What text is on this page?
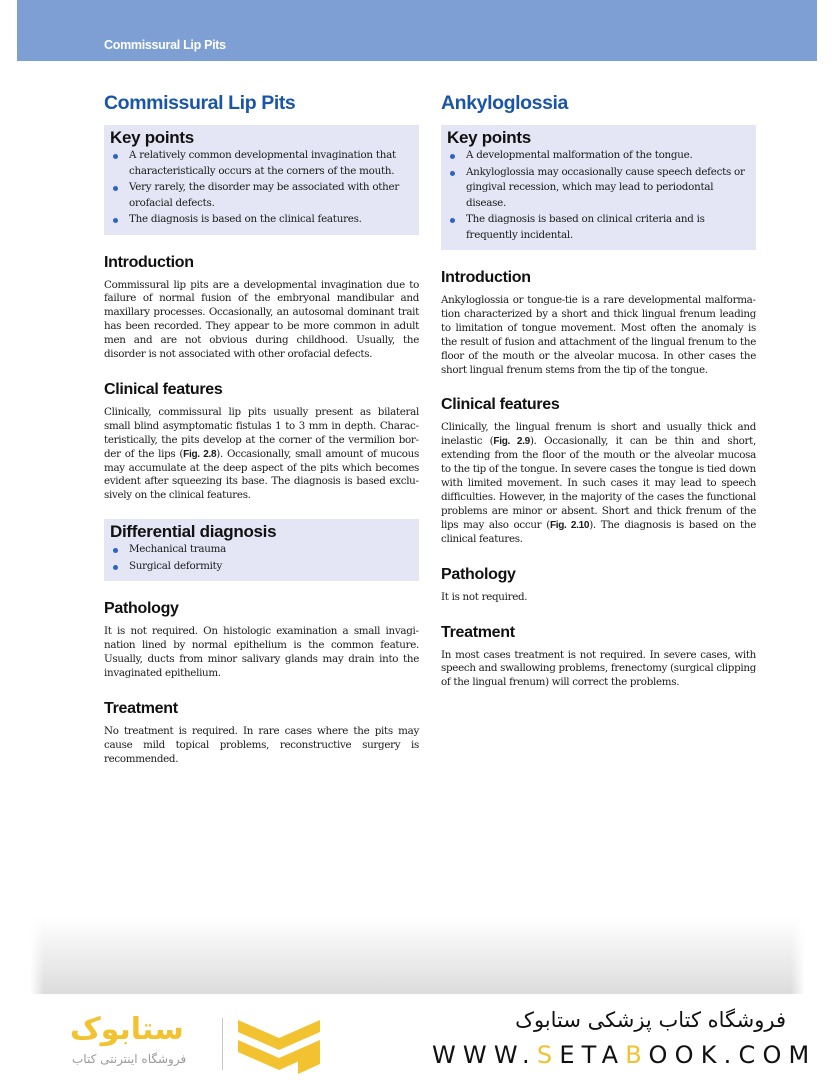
Commissural Lip Pits
Commissural Lip Pits
Key points
A relatively common developmental invagination that characteristically occurs at the corners of the mouth.
Very rarely, the disorder may be associated with other orofacial defects.
The diagnosis is based on the clinical features.
Introduction

Commissural lip pits are a developmental invagination due to failure of normal fusion of the embryonal mandibular and maxillary processes. Occasionally, an autosomal dominant trait has been recorded. They appear to be more common in adult men and are not obvious during childhood. Usually, the disorder is not associated with other orofacial defects.

Clinical features

Clinically, commissural lip pits usually present as bilateral small blind asymptomatic fistulas 1 to 3 mm in depth. Characteristically, the pits develop at the corner of the vermilion border of the lips (Fig. 2.8). Occasionally, small amount of mucous may accumulate at the deep aspect of the pits which becomes evident after squeezing its base. The diagnosis is based exclusively on the clinical features.

Differential diagnosis
Mechanical trauma
Surgical deformity
Pathology

It is not required. On histologic examination a small invagination lined by normal epithelium is the common feature. Usually, ducts from minor salivary glands may drain into the invaginated epithelium.

Treatment

No treatment is required. In rare cases where the pits may cause mild topical problems, reconstructive surgery is recommended.

Ankyloglossia
Key points
A developmental malformation of the tongue.
Ankyloglossia may occasionally cause speech defects or gingival recession, which may lead to periodontal disease.
The diagnosis is based on clinical criteria and is frequently incidental.
Introduction

Ankyloglossia or tongue-tie is a rare developmental malformation characterized by a short and thick lingual frenum leading to limitation of tongue movement. Most often the anomaly is the result of fusion and attachment of the lingual frenum to the floor of the mouth or the alveolar mucosa. In other cases the short lingual frenum stems from the tip of the tongue.

Clinical features

Clinically, the lingual frenum is short and usually thick and inelastic (Fig. 2.9). Occasionally, it can be thin and short, extending from the floor of the mouth or the alveolar mucosa to the tip of the tongue. In severe cases the tongue is tied down with limited movement. In such cases it may lead to speech difficulties. However, in the majority of the cases the functional problems are minor or absent. Short and thick frenum of the lips may also occur (Fig. 2.10). The diagnosis is based on the clinical features.

Pathology

It is not required.

Treatment

In most cases treatment is not required. In severe cases, with speech and swallowing problems, frenectomy (surgical clipping of the lingual frenum) will correct the problems.

ستابوک
فروشگاه اینترنتی کتاب
فروشگاه کتاب پزشکی ستابوک
WWW.SETABOOK.COM
